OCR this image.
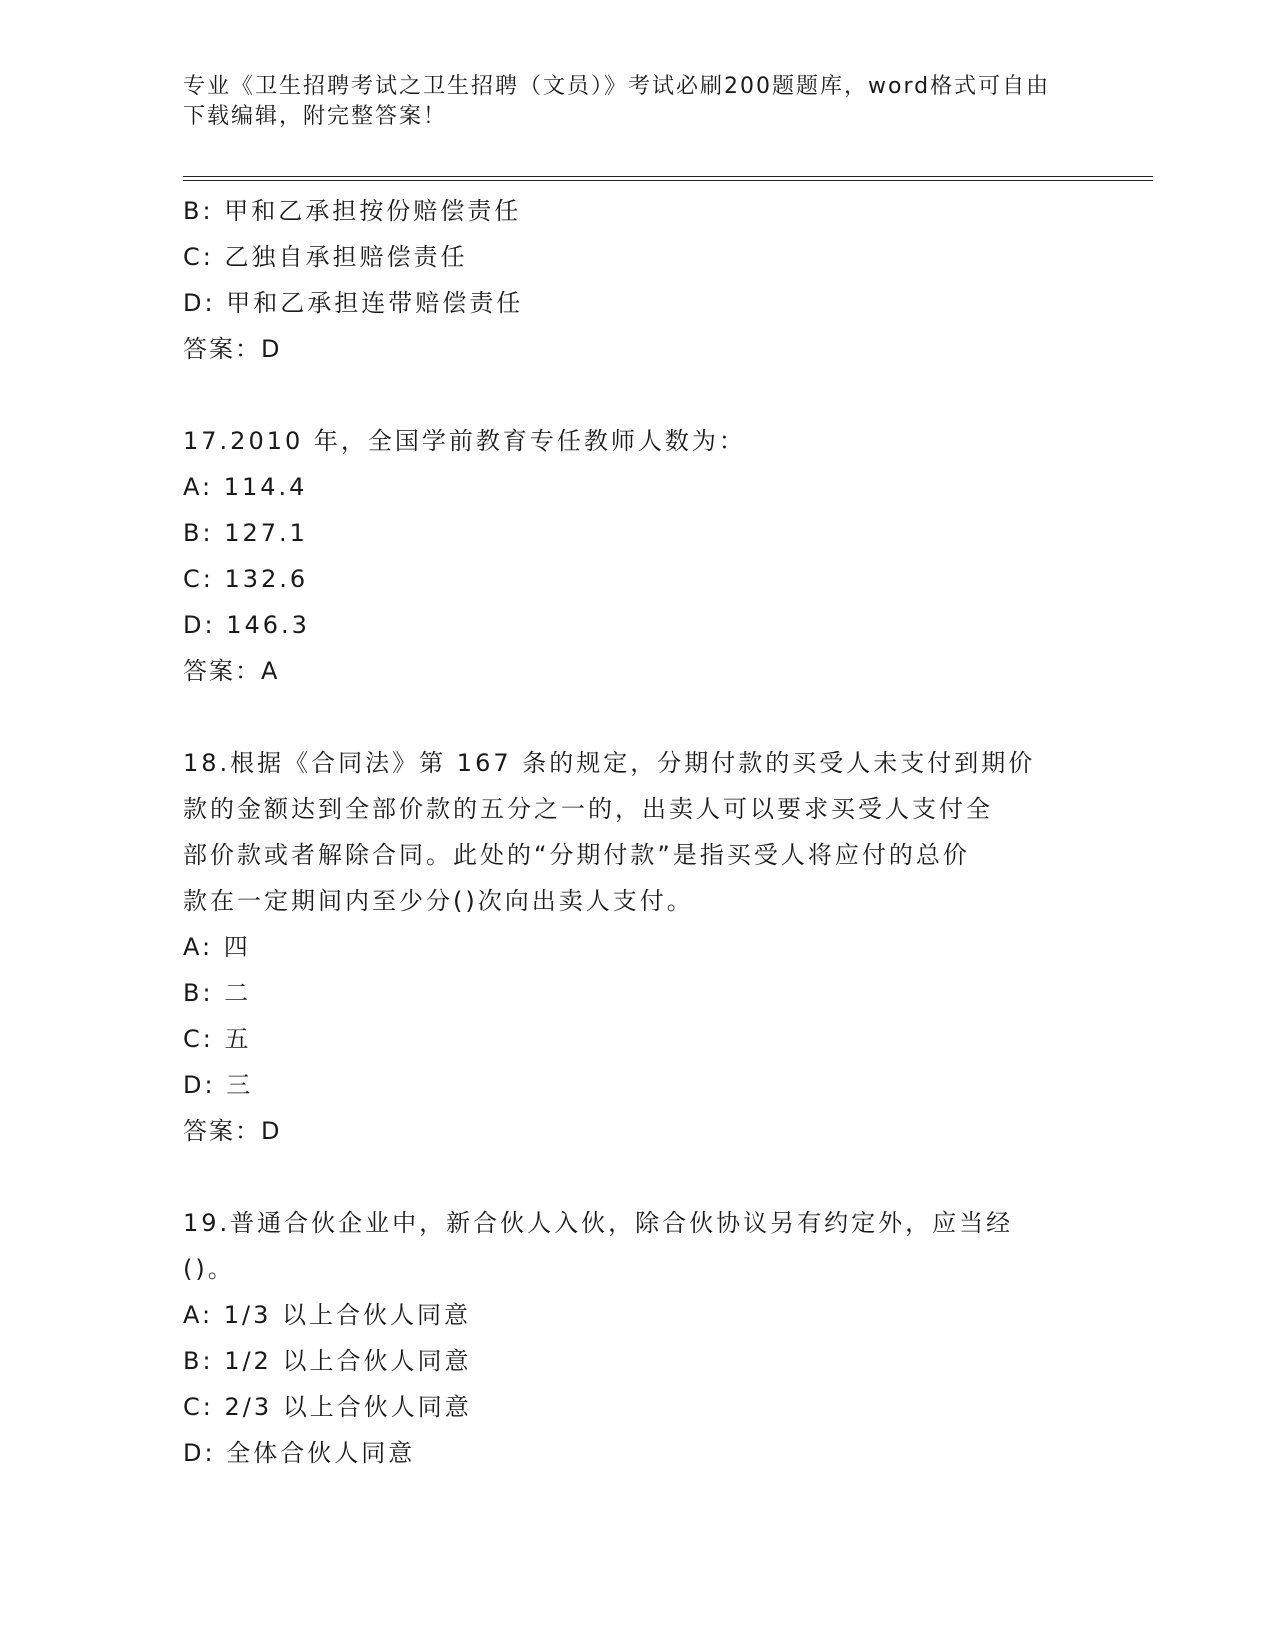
专业《卫生招聘考试之卫生招聘（文员）》考试必刷200题题库，word格式可自由下载编辑，附完整答案！
B: 甲和乙承担按份赔偿责任
C: 乙独自承担赔偿责任
D: 甲和乙承担连带赔偿责任
答案：D
17.2010 年，全国学前教育专任教师人数为：
A: 114.4
B: 127.1
C: 132.6
D: 146.3
答案：A
18.根据《合同法》第 167 条的规定，分期付款的买受人未支付到期价
款的金额达到全部价款的五分之一的，出卖人可以要求买受人支付全
部价款或者解除合同。此处的“分期付款”是指买受人将应付的总价
款在一定期间内至少分()次向出卖人支付。
A: 四
B: 二
C: 五
D: 三
答案：D
19.普通合伙企业中，新合伙人入伙，除合伙协议另有约定外，应当经
()。
A: 1/3 以上合伙人同意
B: 1/2 以上合伙人同意
C: 2/3 以上合伙人同意
D: 全体合伙人同意
